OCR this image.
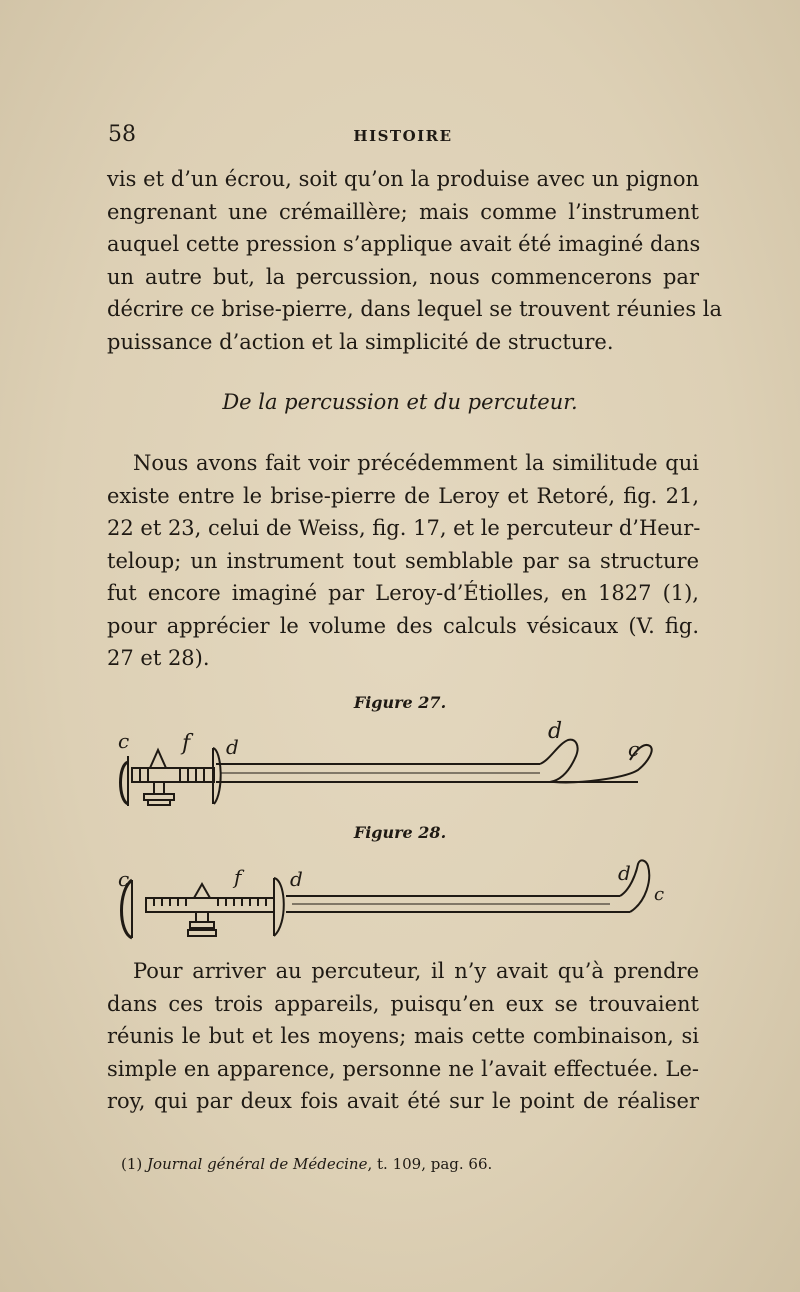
58	HISTOIRE
vis et d’un écrou, soit qu’on la produise avec un pignon
engrenant une crémaillère; mais comme l’instrument
auquel cette pression s’applique avait été imaginé dans
un autre but, la percussion, nous commencerons par
décrire ce brise-pierre, dans lequel se trouvent réunies la
puissance d’action et la simplicité de structure.
De la percussion et du percuteur.
Nous avons fait voir précédemment la similitude qui
existe entre le brise-pierre de Leroy et Retoré, fig. 21,
22 et 23, celui de Weiss, fig. 17, et le percuteur d’Heur-
teloup; un instrument tout semblable par sa structure
fut encore imaginé par Leroy-d’Étiolles, en 1827 (1),
pour apprécier le volume des calculs vésicaux (V. fig.
27 et 28).
Figure 27.
c f d
d
c
Figure 28.
c	f d	d
c
Pour arriver au percuteur, il n’y avait qu’à prendre
dans ces trois appareils, puisqu’en eux se trouvaient
réunis le but et les moyens; mais cette combinaison, si
simple en apparence, personne ne l’avait effectuée. Le-
roy, qui par deux fois avait été sur le point de réaliser
(1) Journal général de Médecine, t. 109, pag. 66.
